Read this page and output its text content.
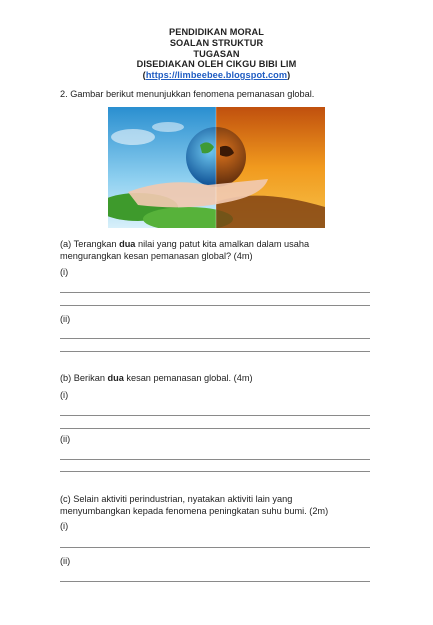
PENDIDIKAN MORAL
SOALAN STRUKTUR
TUGASAN
DISEDIAKAN OLEH CIKGU BIBI LIM
(https://limbeebee.blogspot.com)
2. Gambar berikut menunjukkan fenomena pemanasan global.
(a) Terangkan dua nilai yang patut kita amalkan dalam usaha
mengurangkan kesan pemanasan global? (4m)
(i)
(ii)
(b) Berikan dua kesan pemanasan global. (4m)
(i)
(ii)
(c) Selain aktiviti perindustrian, nyatakan aktiviti lain yang
menyumbangkan kepada fenomena peningkatan suhu bumi. (2m)
(i)
(ii)
